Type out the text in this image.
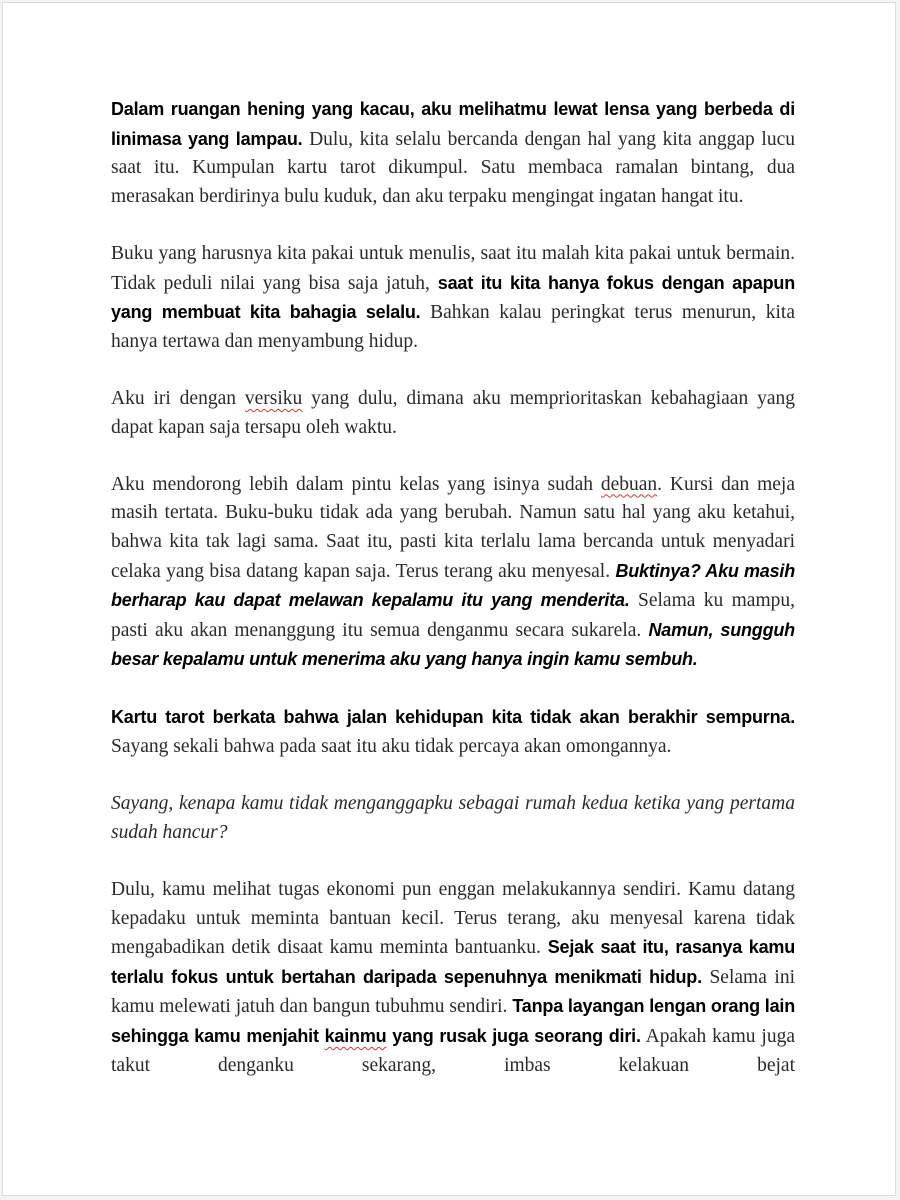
Dalam ruangan hening yang kacau, aku melihatmu lewat lensa yang berbeda di linimasa yang lampau. Dulu, kita selalu bercanda dengan hal yang kita anggap lucu saat itu. Kumpulan kartu tarot dikumpul. Satu membaca ramalan bintang, dua merasakan berdirinya bulu kuduk, dan aku terpaku mengingat ingatan hangat itu.

Buku yang harusnya kita pakai untuk menulis, saat itu malah kita pakai untuk bermain. Tidak peduli nilai yang bisa saja jatuh, saat itu kita hanya fokus dengan apapun yang membuat kita bahagia selalu. Bahkan kalau peringkat terus menurun, kita hanya tertawa dan menyambung hidup.

Aku iri dengan versiku yang dulu, dimana aku memprioritaskan kebahagiaan yang dapat kapan saja tersapu oleh waktu.

Aku mendorong lebih dalam pintu kelas yang isinya sudah debuan. Kursi dan meja masih tertata. Buku-buku tidak ada yang berubah. Namun satu hal yang aku ketahui, bahwa kita tak lagi sama. Saat itu, pasti kita terlalu lama bercanda untuk menyadari celaka yang bisa datang kapan saja. Terus terang aku menyesal. Buktinya? Aku masih berharap kau dapat melawan kepalamu itu yang menderita. Selama ku mampu, pasti aku akan menanggung itu semua denganmu secara sukarela. Namun, sungguh besar kepalamu untuk menerima aku yang hanya ingin kamu sembuh.

Kartu tarot berkata bahwa jalan kehidupan kita tidak akan berakhir sempurna. Sayang sekali bahwa pada saat itu aku tidak percaya akan omongannya.

Sayang, kenapa kamu tidak menganggapku sebagai rumah kedua ketika yang pertama sudah hancur?

Dulu, kamu melihat tugas ekonomi pun enggan melakukannya sendiri. Kamu datang kepadaku untuk meminta bantuan kecil. Terus terang, aku menyesal karena tidak mengabadikan detik disaat kamu meminta bantuanku. Sejak saat itu, rasanya kamu terlalu fokus untuk bertahan daripada sepenuhnya menikmati hidup. Selama ini kamu melewati jatuh dan bangun tubuhmu sendiri. Tanpa layangan lengan orang lain sehingga kamu menjahit kainmu yang rusak juga seorang diri. Apakah kamu juga takut denganku sekarang, imbas kelakuan bejat
